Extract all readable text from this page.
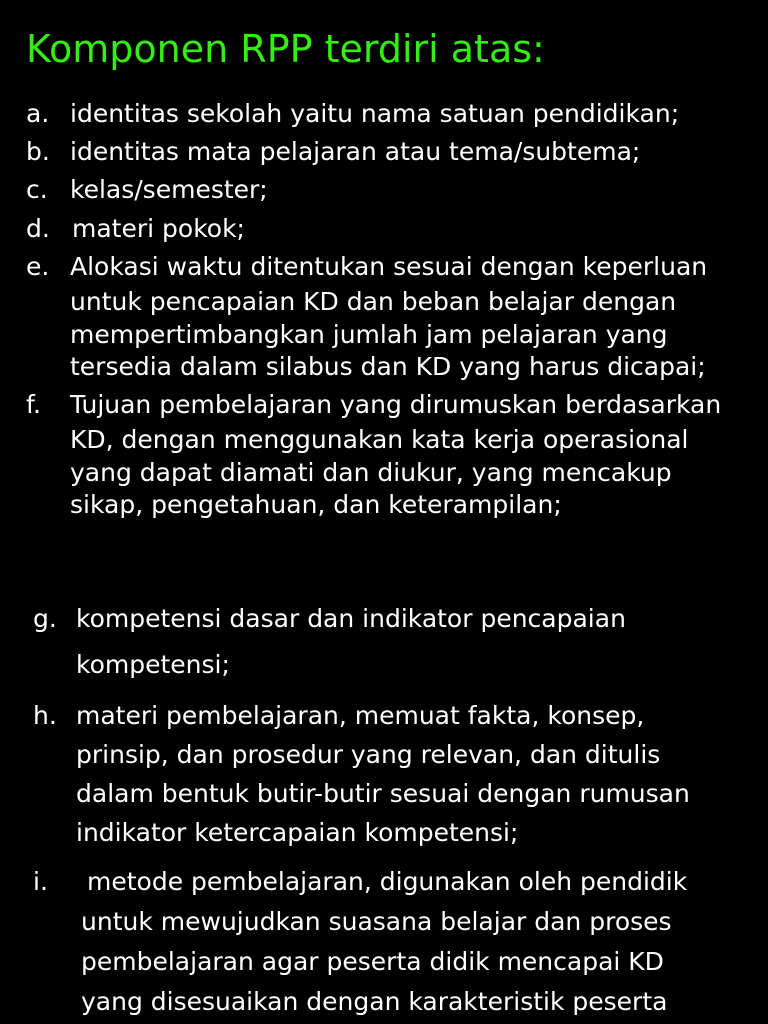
Komponen RPP terdiri atas:
a. identitas sekolah yaitu nama satuan pendidikan;
b. identitas mata pelajaran atau tema/subtema;
c. kelas/semester;
d. materi pokok;
e. Alokasi waktu ditentukan sesuai dengan keperluan
untuk pencapaian KD dan beban belajar dengan
mempertimbangkan jumlah jam pelajaran yang
tersedia dalam silabus dan KD yang harus dicapai;
f. Tujuan pembelajaran yang dirumuskan berdasarkan
KD, dengan menggunakan kata kerja operasional
yang dapat diamati dan diukur, yang mencakup
sikap, pengetahuan, dan keterampilan;
g. kompetensi dasar dan indikator pencapaian
kompetensi;
h. materi pembelajaran, memuat fakta, konsep,
prinsip, dan prosedur yang relevan, dan ditulis
dalam bentuk butir-butir sesuai dengan rumusan
indikator ketercapaian kompetensi;
i. metode pembelajaran, digunakan oleh pendidik
untuk mewujudkan suasana belajar dan proses
pembelajaran agar peserta didik mencapai KD
yang disesuaikan dengan karakteristik peserta
